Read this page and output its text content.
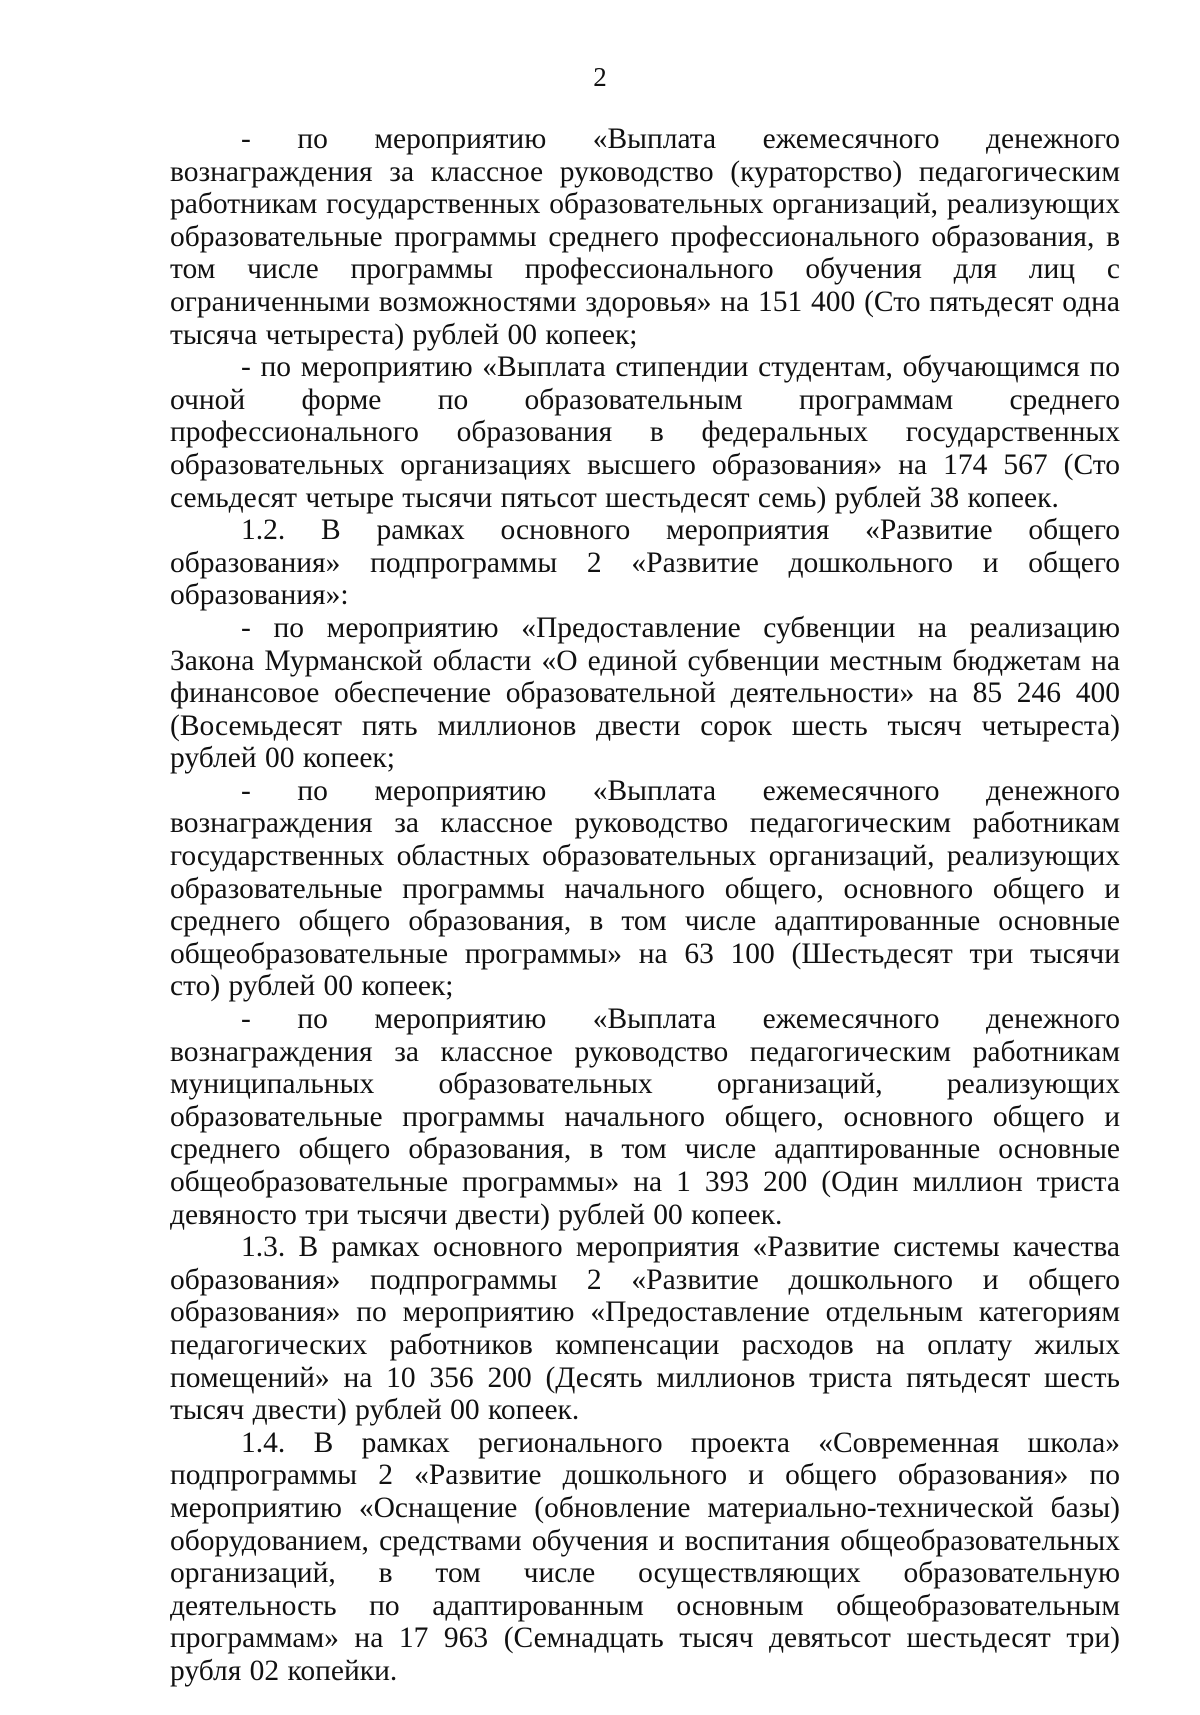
2

- по мероприятию «Выплата ежемесячного денежного вознаграждения за классное руководство (кураторство) педагогическим работникам государственных образовательных организаций, реализующих образовательные программы среднего профессионального образования, в том числе программы профессионального обучения для лиц с ограниченными возможностями здоровья» на 151 400 (Сто пятьдесят одна тысяча четыреста) рублей 00 копеек;

- по мероприятию «Выплата стипендии студентам, обучающимся по очной форме по образовательным программам среднего профессионального образования в федеральных государственных образовательных организациях высшего образования» на 174 567 (Сто семьдесят четыре тысячи пятьсот шестьдесят семь) рублей 38 копеек.

1.2. В рамках основного мероприятия «Развитие общего образования» подпрограммы 2 «Развитие дошкольного и общего образования»:

- по мероприятию «Предоставление субвенции на реализацию Закона Мурманской области «О единой субвенции местным бюджетам на финансовое обеспечение образовательной деятельности» на 85 246 400 (Восемьдесят пять миллионов двести сорок шесть тысяч четыреста) рублей 00 копеек;

- по мероприятию «Выплата ежемесячного денежного вознаграждения за классное руководство педагогическим работникам государственных областных образовательных организаций, реализующих образовательные программы начального общего, основного общего и среднего общего образования, в том числе адаптированные основные общеобразовательные программы» на 63 100 (Шестьдесят три тысячи сто) рублей 00 копеек;

- по мероприятию «Выплата ежемесячного денежного вознаграждения за классное руководство педагогическим работникам муниципальных образовательных организаций, реализующих образовательные программы начального общего, основного общего и среднего общего образования, в том числе адаптированные основные общеобразовательные программы» на 1 393 200 (Один миллион триста девяносто три тысячи двести) рублей 00 копеек.

1.3. В рамках основного мероприятия «Развитие системы качества образования» подпрограммы 2 «Развитие дошкольного и общего образования» по мероприятию «Предоставление отдельным категориям педагогических работников компенсации расходов на оплату жилых помещений» на 10 356 200 (Десять миллионов триста пятьдесят шесть тысяч двести) рублей 00 копеек.

1.4. В рамках регионального проекта «Современная школа» подпрограммы 2 «Развитие дошкольного и общего образования» по мероприятию «Оснащение (обновление материально-технической базы) оборудованием, средствами обучения и воспитания общеобразовательных организаций, в том числе осуществляющих образовательную деятельность по адаптированным основным общеобразовательным программам» на 17 963 (Семнадцать тысяч девятьсот шестьдесят три) рубля 02 копейки.
